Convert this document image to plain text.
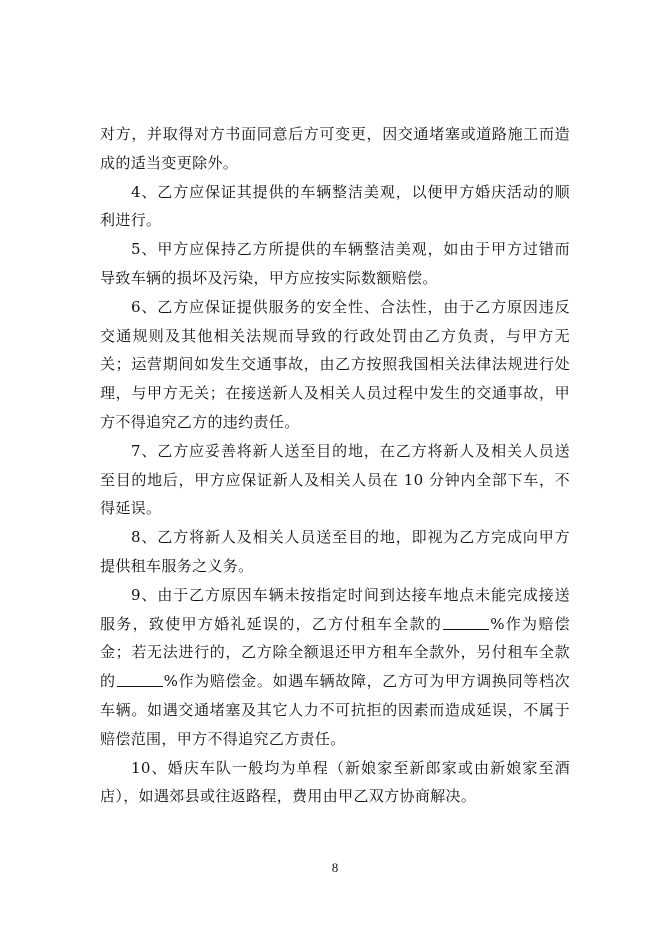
对方，并取得对方书面同意后方可变更，因交通堵塞或道路施工而造成的适当变更除外。

4、乙方应保证其提供的车辆整洁美观，以便甲方婚庆活动的顺利进行。

5、甲方应保持乙方所提供的车辆整洁美观，如由于甲方过错而导致车辆的损坏及污染，甲方应按实际数额赔偿。

6、乙方应保证提供服务的安全性、合法性，由于乙方原因违反交通规则及其他相关法规而导致的行政处罚由乙方负责，与甲方无关；运营期间如发生交通事故，由乙方按照我国相关法律法规进行处理，与甲方无关；在接送新人及相关人员过程中发生的交通事故，甲方不得追究乙方的违约责任。

7、乙方应妥善将新人送至目的地，在乙方将新人及相关人员送至目的地后，甲方应保证新人及相关人员在 10 分钟内全部下车，不得延误。

8、乙方将新人及相关人员送至目的地，即视为乙方完成向甲方提供租车服务之义务。

9、由于乙方原因车辆未按指定时间到达接车地点未能完成接送服务，致使甲方婚礼延误的，乙方付租车全款的	%作为赔偿金；若无法进行的，乙方除全额退还甲方租车全款外，另付租车全款的	%作为赔偿金。如遇车辆故障，乙方可为甲方调换同等档次车辆。如遇交通堵塞及其它人力不可抗拒的因素而造成延误，不属于赔偿范围，甲方不得追究乙方责任。

10、婚庆车队一般均为单程（新娘家至新郎家或由新娘家至酒店），如遇郊县或往返路程，费用由甲乙双方协商解决。

8
